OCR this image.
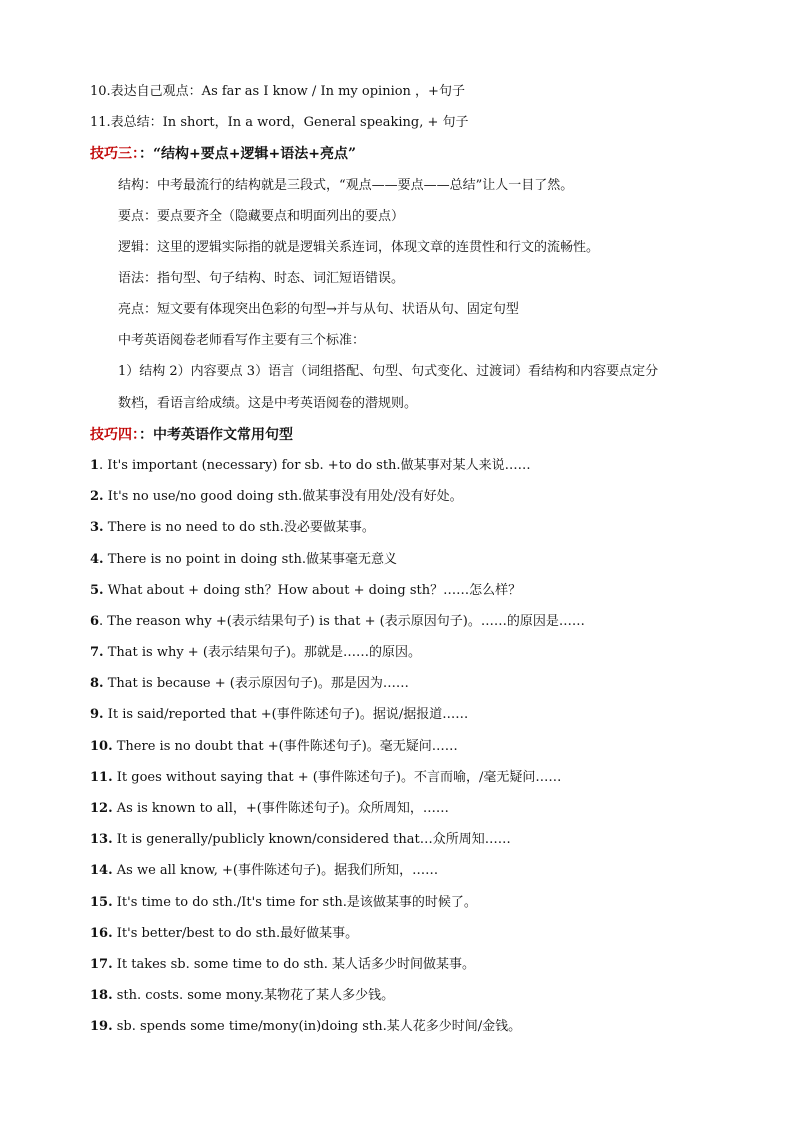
10.表达自己观点：As far as I know / In my opinion ，+句子
11.表总结：In short，In a word，General speaking, + 句子
技巧三：：“结构+要点+逻辑+语法+亮点”
结构：中考最流行的结构就是三段式，“观点——要点——总结”让人一目了然。
要点：要点要齐全（隐藏要点和明面列出的要点）
逻辑：这里的逻辑实际指的就是逻辑关系连词，体现文章的连贯性和行文的流畅性。
语法：指句型、句子结构、时态、词汇短语错误。
亮点：短文要有体现突出色彩的句型→并与从句、状语从句、固定句型
中考英语阅卷老师看写作主要有三个标准：
1）结构 2）内容要点 3）语言（词组搭配、句型、句式变化、过渡词）看结构和内容要点定分
数档，看语言给成绩。这是中考英语阅卷的潜规则。
技巧四：：中考英语作文常用句型
1. It's important (necessary) for sb. +to do sth.做某事对某人来说……
2. It's no use/no good doing sth.做某事没有用处/没有好处。
3. There is no need to do sth.没必要做某事。
4. There is no point in doing sth.做某事毫无意义
5. What about + doing sth？How about + doing sth？……怎么样？
6. The reason why +(表示结果句子) is that + (表示原因句子)。……的原因是……
7. That is why + (表示结果句子)。那就是……的原因。
8. That is because + (表示原因句子)。那是因为……
9. It is said/reported that +(事件陈述句子)。据说/据报道……
10. There is no doubt that +(事件陈述句子)。毫无疑问……
11. It goes without saying that + (事件陈述句子)。不言而喻，/毫无疑问……
12. As is known to all，+(事件陈述句子)。众所周知，……
13. It is generally/publicly known/considered that…众所周知……
14. As we all know, +(事件陈述句子)。据我们所知，……
15. It's time to do sth./It's time for sth.是该做某事的时候了。
16. It's better/best to do sth.最好做某事。
17. It takes sb. some time to do sth. 某人话多少时间做某事。
18. sth. costs. some mony.某物花了某人多少钱。
19. sb. spends some time/mony(in)doing sth.某人花多少时间/金钱。
